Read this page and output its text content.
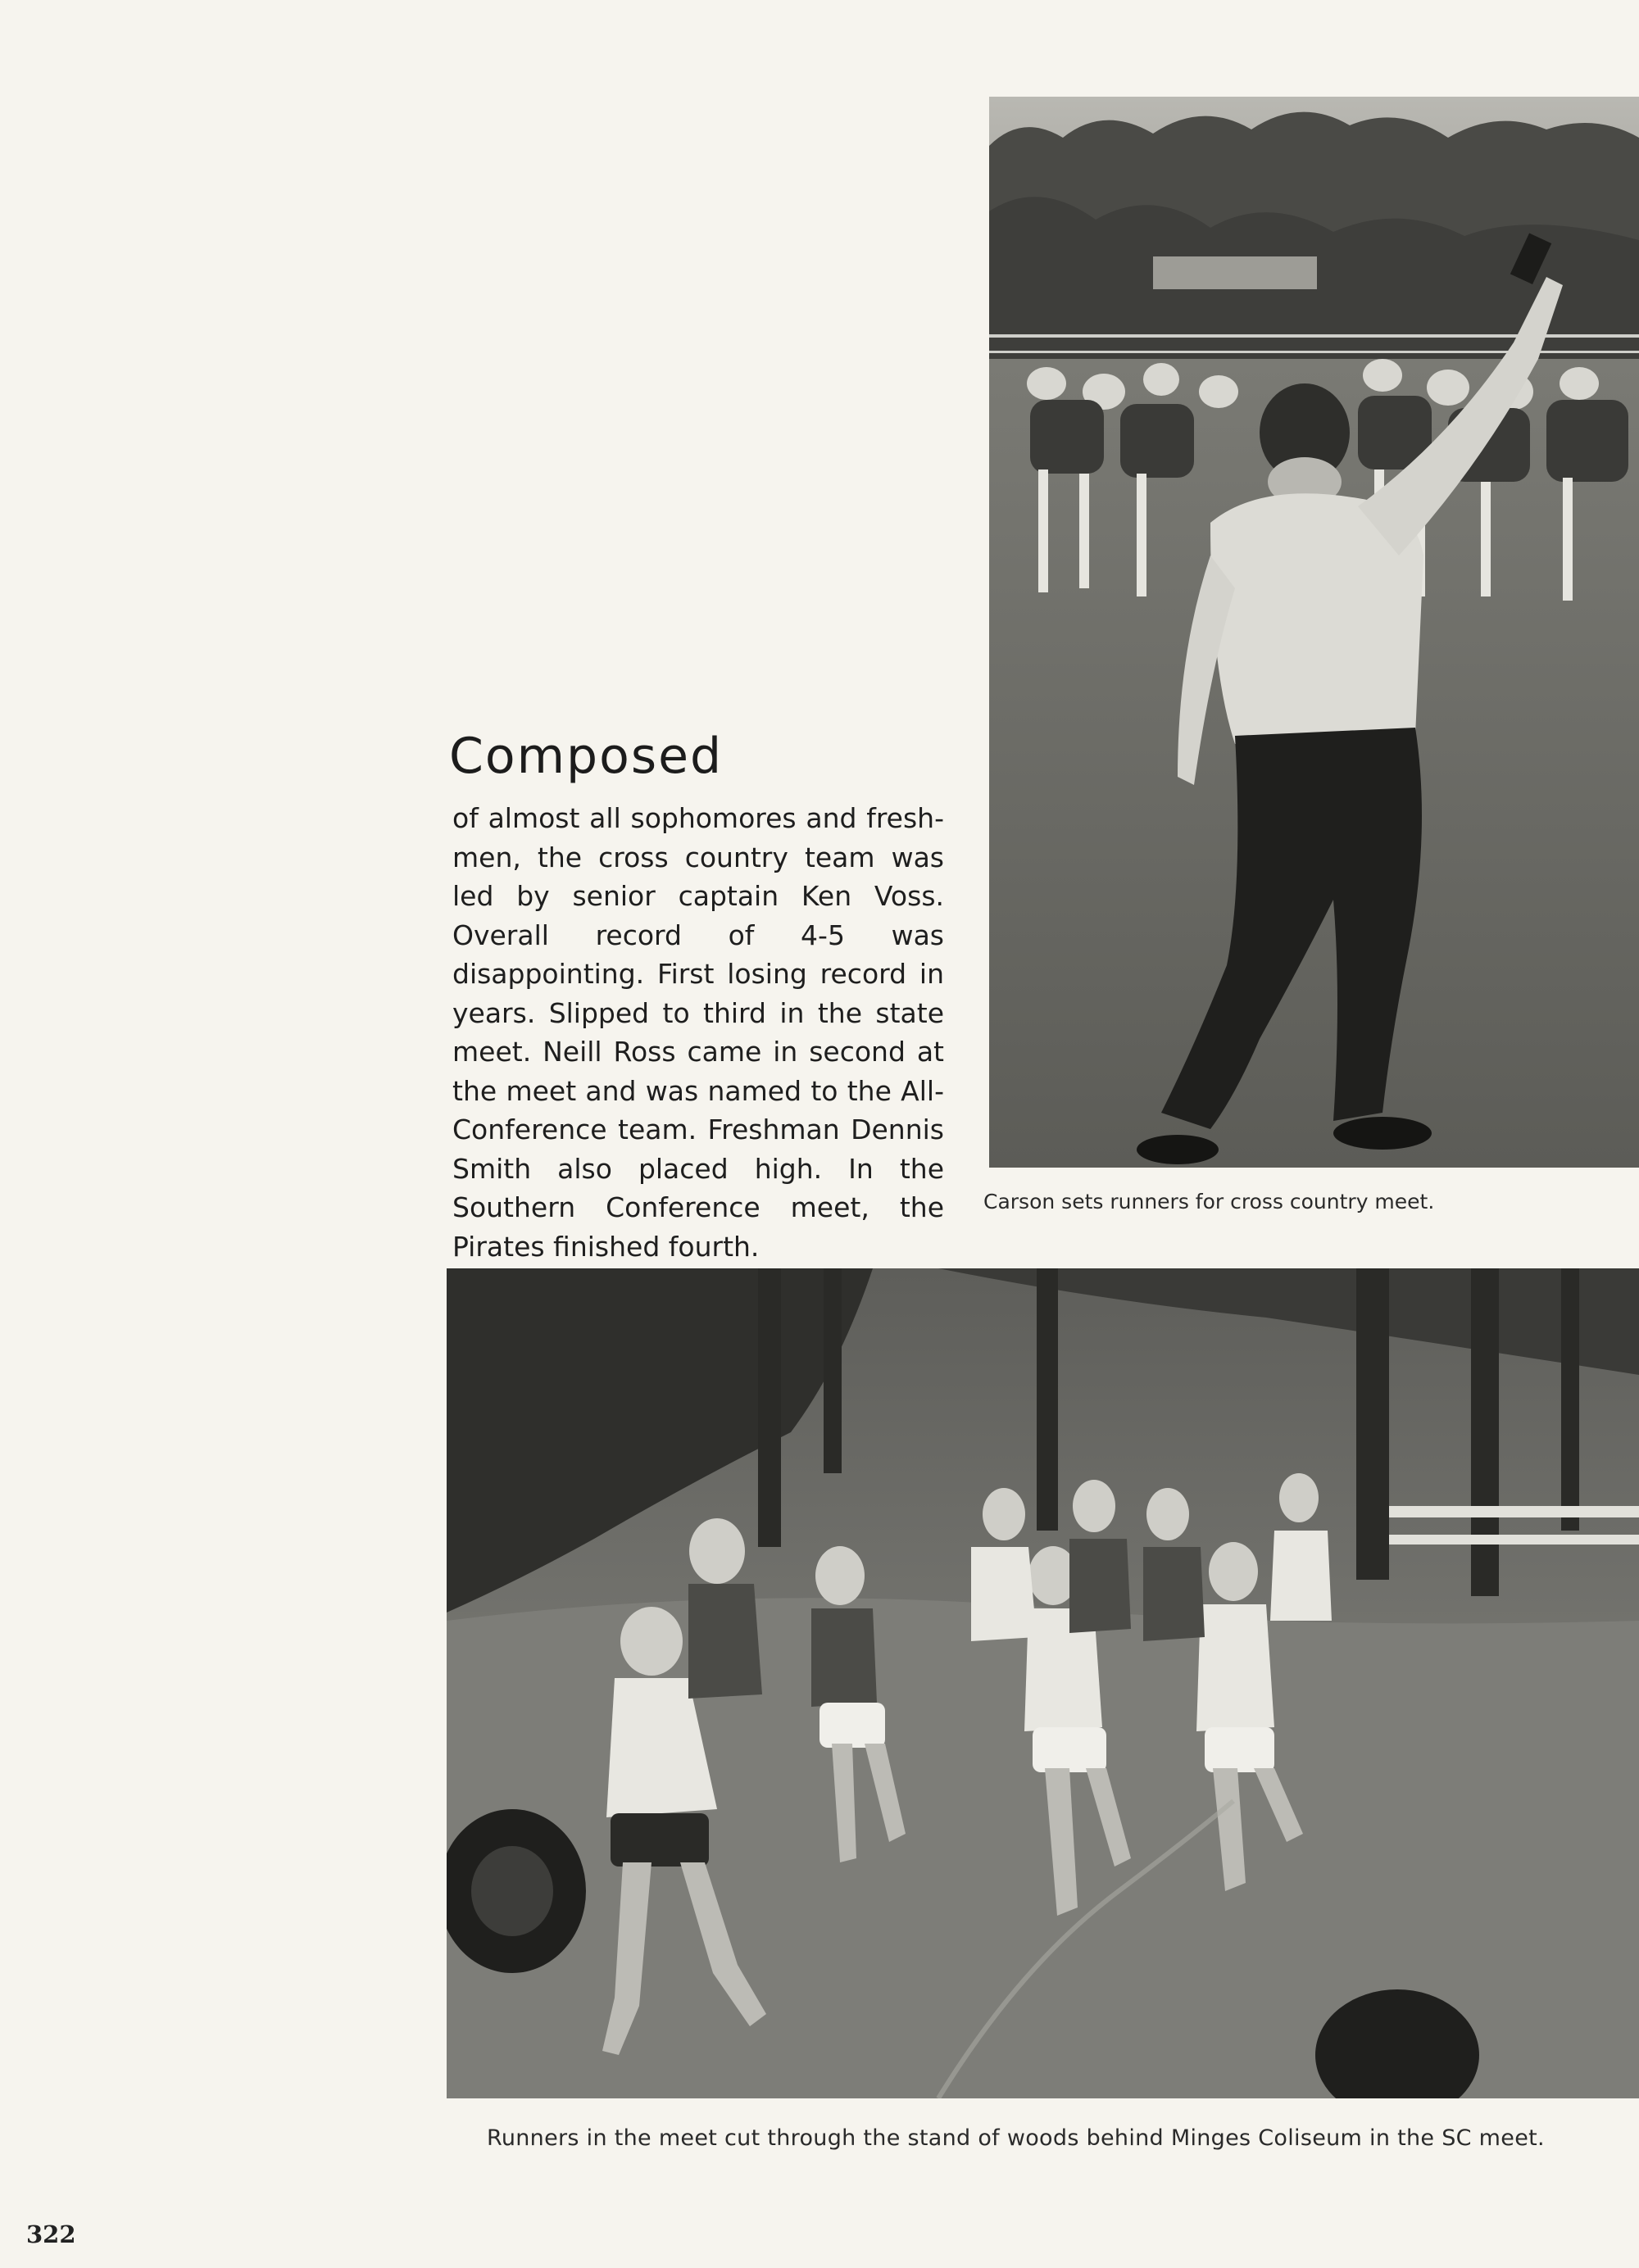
Composed

of almost all sophomores and fresh-men, the cross country team was led by senior captain Ken Voss. Overall record of 4-5 was disappointing. First losing record in years. Slipped to third in the state meet. Neill Ross came in second at the meet and was named to the All-Conference team. Freshman Dennis Smith also placed high. In the Southern Conference meet, the Pirates finished fourth.

Carson sets runners for cross country meet.
Runners in the meet cut through the stand of woods behind Minges Coliseum in the SC meet.
322
